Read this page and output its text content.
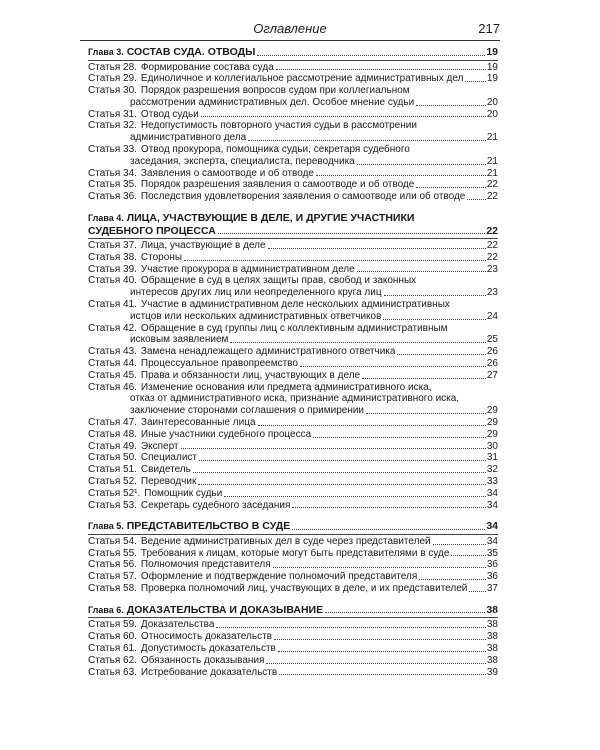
Оглавление	217
Глава 3. СОСТАВ СУДА. ОТВОДЫ	19
Статья 28. Формирование состава суда	19
Статья 29. Единоличное и коллегиальное рассмотрение административных дел 19
Статья 30. Порядок разрешения вопросов судом при коллегиальном
рассмотрении административных дел. Особое мнение судьи	20
Статья 31. Отвод судьи	20
Статья 32. Недопустимость повторного участия судьи в рассмотрении
административного дела	21
Статья 33. Отвод прокурора, помощника судьи, секретаря судебного
заседания, эксперта, специалиста, переводчика	21
Статья 34. Заявления о самоотводе и об отводе	21
Статья 35. Порядок разрешения заявления о самоотводе и об отводе	22
Статья 36. Последствия удовлетворения заявления о самоотводе или об отводе 22
Глава 4. ЛИЦА, УЧАСТВУЮЩИЕ В ДЕЛЕ, И ДРУГИЕ УЧАСТНИКИ
СУДЕБНОГО ПРОЦЕССА	22
Статья 37. Лица, участвующие в деле	22
Статья 38. Стороны	22
Статья 39. Участие прокурора в административном деле	23
Статья 40. Обращение в суд в целях защиты прав, свобод и законных
интересов других лиц или неопределенного круга лиц	23
Статья 41. Участие в административном деле нескольких административных
истцов или нескольких административных ответчиков	24
Статья 42. Обращение в суд группы лиц с коллективным административным
исковым заявлением	25
Статья 43. Замена ненадлежащего административного ответчика	26
Статья 44. Процессуальное правопреемство	26
Статья 45. Права и обязанности лиц, участвующих в деле	27
Статья 46. Изменение основания или предмета административного иска,
отказ от административного иска, признание административного иска,
заключение сторонами соглашения о примирении	29
Статья 47. Заинтересованные лица	29
Статья 48. Иные участники судебного процесса	29
Статья 49. Эксперт	30
Статья 50. Специалист	31
Статья 51. Свидетель	32
Статья 52. Переводчик	33
Статья 52¹. Помощник судьи	34
Статья 53. Секретарь судебного заседания	34
Глава 5. ПРЕДСТАВИТЕЛЬСТВО В СУДЕ	34
Статья 54. Ведение административных дел в суде через представителей	34
Статья 55. Требования к лицам, которые могут быть представителями в суде	35
Статья 56. Полномочия представителя	36
Статья 57. Оформление и подтверждение полномочий представителя	36
Статья 58. Проверка полномочий лиц, участвующих в деле, и их представителей 37
Глава 6. ДОКАЗАТЕЛЬСТВА И ДОКАЗЫВАНИЕ	38
Статья 59. Доказательства	38
Статья 60. Относимость доказательств	38
Статья 61. Допустимость доказательств	38
Статья 62. Обязанность доказывания	38
Статья 63. Истребование доказательств	39
